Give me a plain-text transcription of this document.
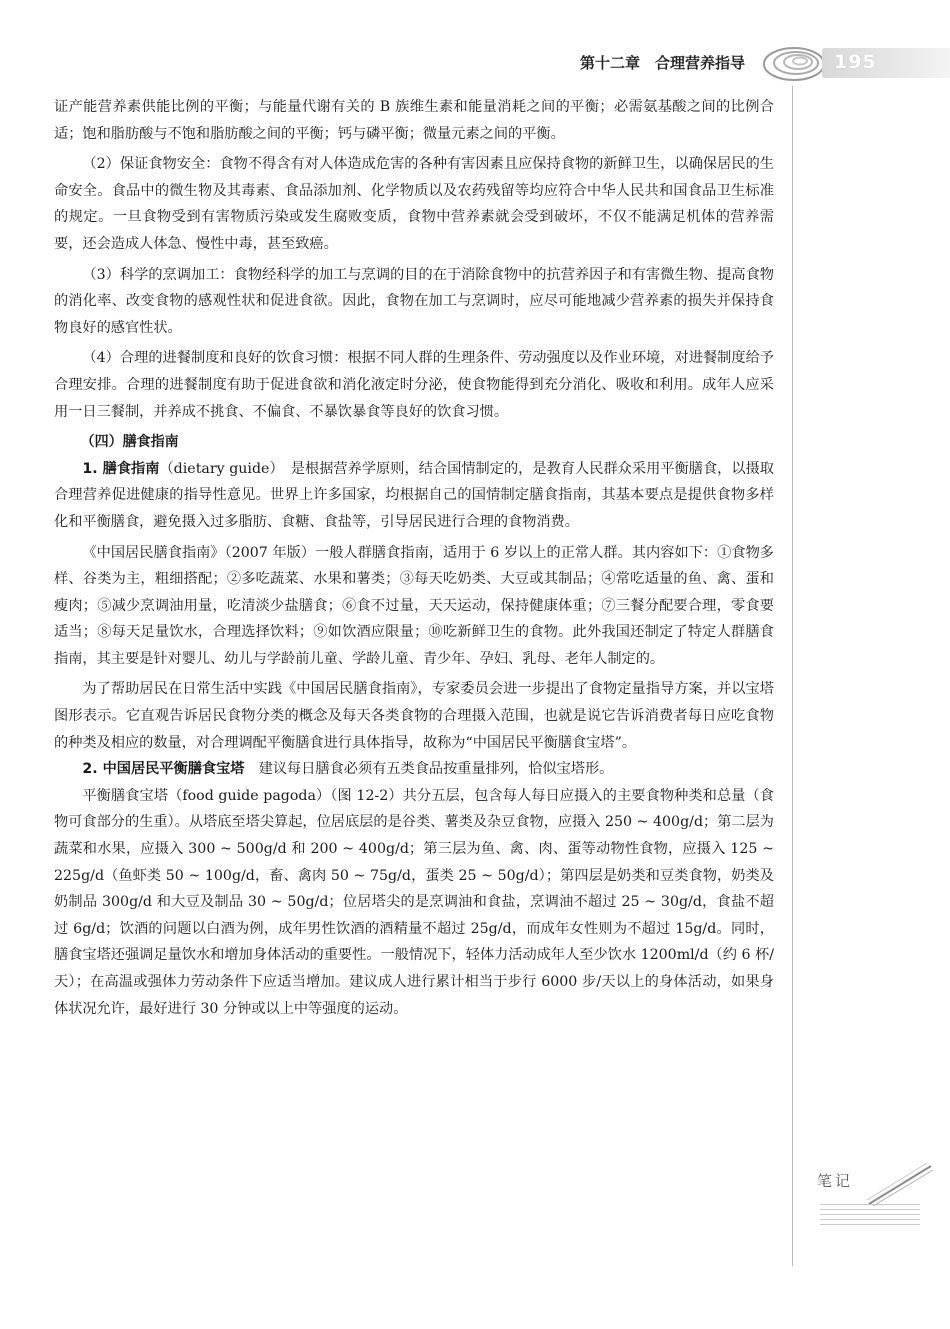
第十二章　合理营养指导	195

证产能营养素供能比例的平衡；与能量代谢有关的 B 族维生素和能量消耗之间的平衡；必需氨基酸之间的比例合适；饱和脂肪酸与不饱和脂肪酸之间的平衡；钙与磷平衡；微量元素之间的平衡。

（2）保证食物安全：食物不得含有对人体造成危害的各种有害因素且应保持食物的新鲜卫生，以确保居民的生命安全。食品中的微生物及其毒素、食品添加剂、化学物质以及农药残留等均应符合中华人民共和国食品卫生标准的规定。一旦食物受到有害物质污染或发生腐败变质，食物中营养素就会受到破坏，不仅不能满足机体的营养需要，还会造成人体急、慢性中毒，甚至致癌。

（3）科学的烹调加工：食物经科学的加工与烹调的目的在于消除食物中的抗营养因子和有害微生物、提高食物的消化率、改变食物的感观性状和促进食欲。因此，食物在加工与烹调时，应尽可能地减少营养素的损失并保持食物良好的感官性状。

（4）合理的进餐制度和良好的饮食习惯：根据不同人群的生理条件、劳动强度以及作业环境，对进餐制度给予合理安排。合理的进餐制度有助于促进食欲和消化液定时分泌，使食物能得到充分消化、吸收和利用。成年人应采用一日三餐制，并养成不挑食、不偏食、不暴饮暴食等良好的饮食习惯。

（四）膳食指南

1. 膳食指南（dietary guide）　是根据营养学原则，结合国情制定的，是教育人民群众采用平衡膳食，以摄取合理营养促进健康的指导性意见。世界上许多国家，均根据自己的国情制定膳食指南，其基本要点是提供食物多样化和平衡膳食，避免摄入过多脂肪、食糖、食盐等，引导居民进行合理的食物消费。

《中国居民膳食指南》（2007 年版）一般人群膳食指南，适用于 6 岁以上的正常人群。其内容如下：①食物多样、谷类为主，粗细搭配；②多吃蔬菜、水果和薯类；③每天吃奶类、大豆或其制品；④常吃适量的鱼、禽、蛋和瘦肉；⑤减少烹调油用量，吃清淡少盐膳食；⑥食不过量，天天运动，保持健康体重；⑦三餐分配要合理，零食要适当；⑧每天足量饮水，合理选择饮料；⑨如饮酒应限量；⑩吃新鲜卫生的食物。此外我国还制定了特定人群膳食指南，其主要是针对婴儿、幼儿与学龄前儿童、学龄儿童、青少年、孕妇、乳母、老年人制定的。

为了帮助居民在日常生活中实践《中国居民膳食指南》，专家委员会进一步提出了食物定量指导方案，并以宝塔图形表示。它直观告诉居民食物分类的概念及每天各类食物的合理摄入范围，也就是说它告诉消费者每日应吃食物的种类及相应的数量，对合理调配平衡膳食进行具体指导，故称为“中国居民平衡膳食宝塔”。

2. 中国居民平衡膳食宝塔　建议每日膳食必须有五类食品按重量排列，恰似宝塔形。

平衡膳食宝塔（food guide pagoda）（图 12-2）共分五层，包含每人每日应摄入的主要食物种类和总量（食物可食部分的生重）。从塔底至塔尖算起，位居底层的是谷类、薯类及杂豆食物，应摄入 250 ~ 400g/d；第二层为蔬菜和水果，应摄入 300 ~ 500g/d 和 200 ~ 400g/d；第三层为鱼、禽、肉、蛋等动物性食物，应摄入 125 ~ 225g/d（鱼虾类 50 ~ 100g/d，畜、禽肉 50 ~ 75g/d，蛋类 25 ~ 50g/d）；第四层是奶类和豆类食物，奶类及奶制品 300g/d 和大豆及制品 30 ~ 50g/d；位居塔尖的是烹调油和食盐，烹调油不超过 25 ~ 30g/d，食盐不超过 6g/d；饮酒的问题以白酒为例，成年男性饮酒的酒精量不超过 25g/d，而成年女性则为不超过 15g/d。同时，膳食宝塔还强调足量饮水和增加身体活动的重要性。一般情况下，轻体力活动成年人至少饮水 1200ml/d（约 6 杯/天）；在高温或强体力劳动条件下应适当增加。建议成人进行累计相当于步行 6000 步/天以上的身体活动，如果身体状况允许，最好进行 30 分钟或以上中等强度的运动。

笔记
